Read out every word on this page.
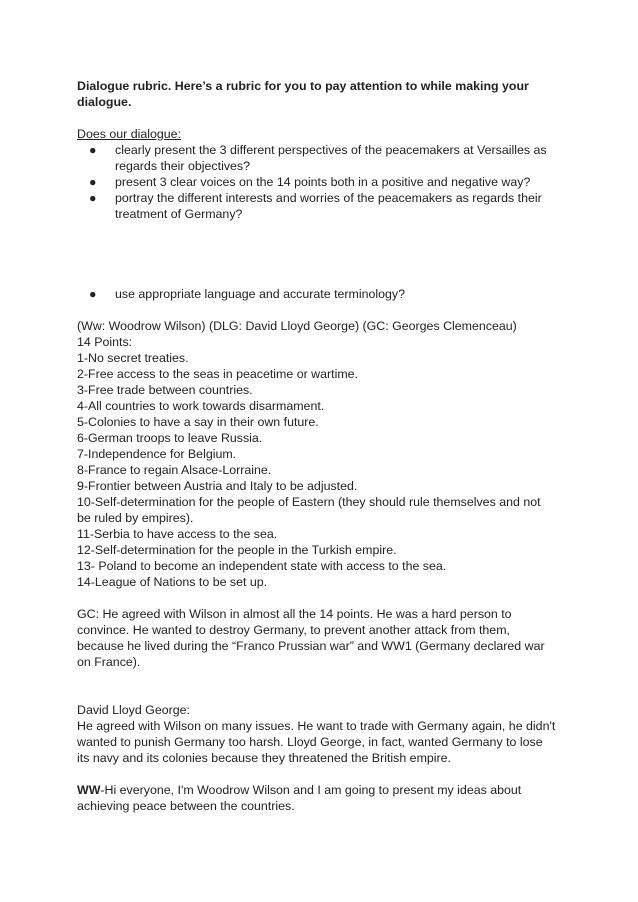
Dialogue rubric. Here’s a rubric for you to pay attention to while making your dialogue.

Does our dialogue:

● clearly present the 3 different perspectives of the peacemakers at Versailles as regards their objectives?
● present 3 clear voices on the 14 points both in a positive and negative way?
● portray the different interests and worries of the peacemakers as regards their treatment of Germany?
● use appropriate language and accurate terminology?

(Ww: Woodrow Wilson) (DLG: David Lloyd George) (GC: Georges Clemenceau)

14 Points:

1-No secret treaties.
2-Free access to the seas in peacetime or wartime.
3-Free trade between countries.
4-All countries to work towards disarmament.
5-Colonies to have a say in their own future.
6-German troops to leave Russia.
7-Independence for Belgium.
8-France to regain Alsace-Lorraine.
9-Frontier between Austria and Italy to be adjusted.
10-Self-determination for the people of Eastern (they should rule themselves and not be ruled by empires).
11-Serbia to have access to the sea.
12-Self-determination for the people in the Turkish empire.
13- Poland to become an independent state with access to the sea.
14-League of Nations to be set up.

GC: He agreed with Wilson in almost all the 14 points. He was a hard person to convince. He wanted to destroy Germany, to prevent another attack from them, because he lived during the “Franco Prussian war” and WW1 (Germany declared war on France).

David Lloyd George:

He agreed with Wilson on many issues. He want to trade with Germany again, he didn't wanted to punish Germany too harsh. Lloyd George, in fact, wanted Germany to lose its navy and its colonies because they threatened the British empire.

WW-Hi everyone, I'm Woodrow Wilson and I am going to present my ideas about achieving peace between the countries.
